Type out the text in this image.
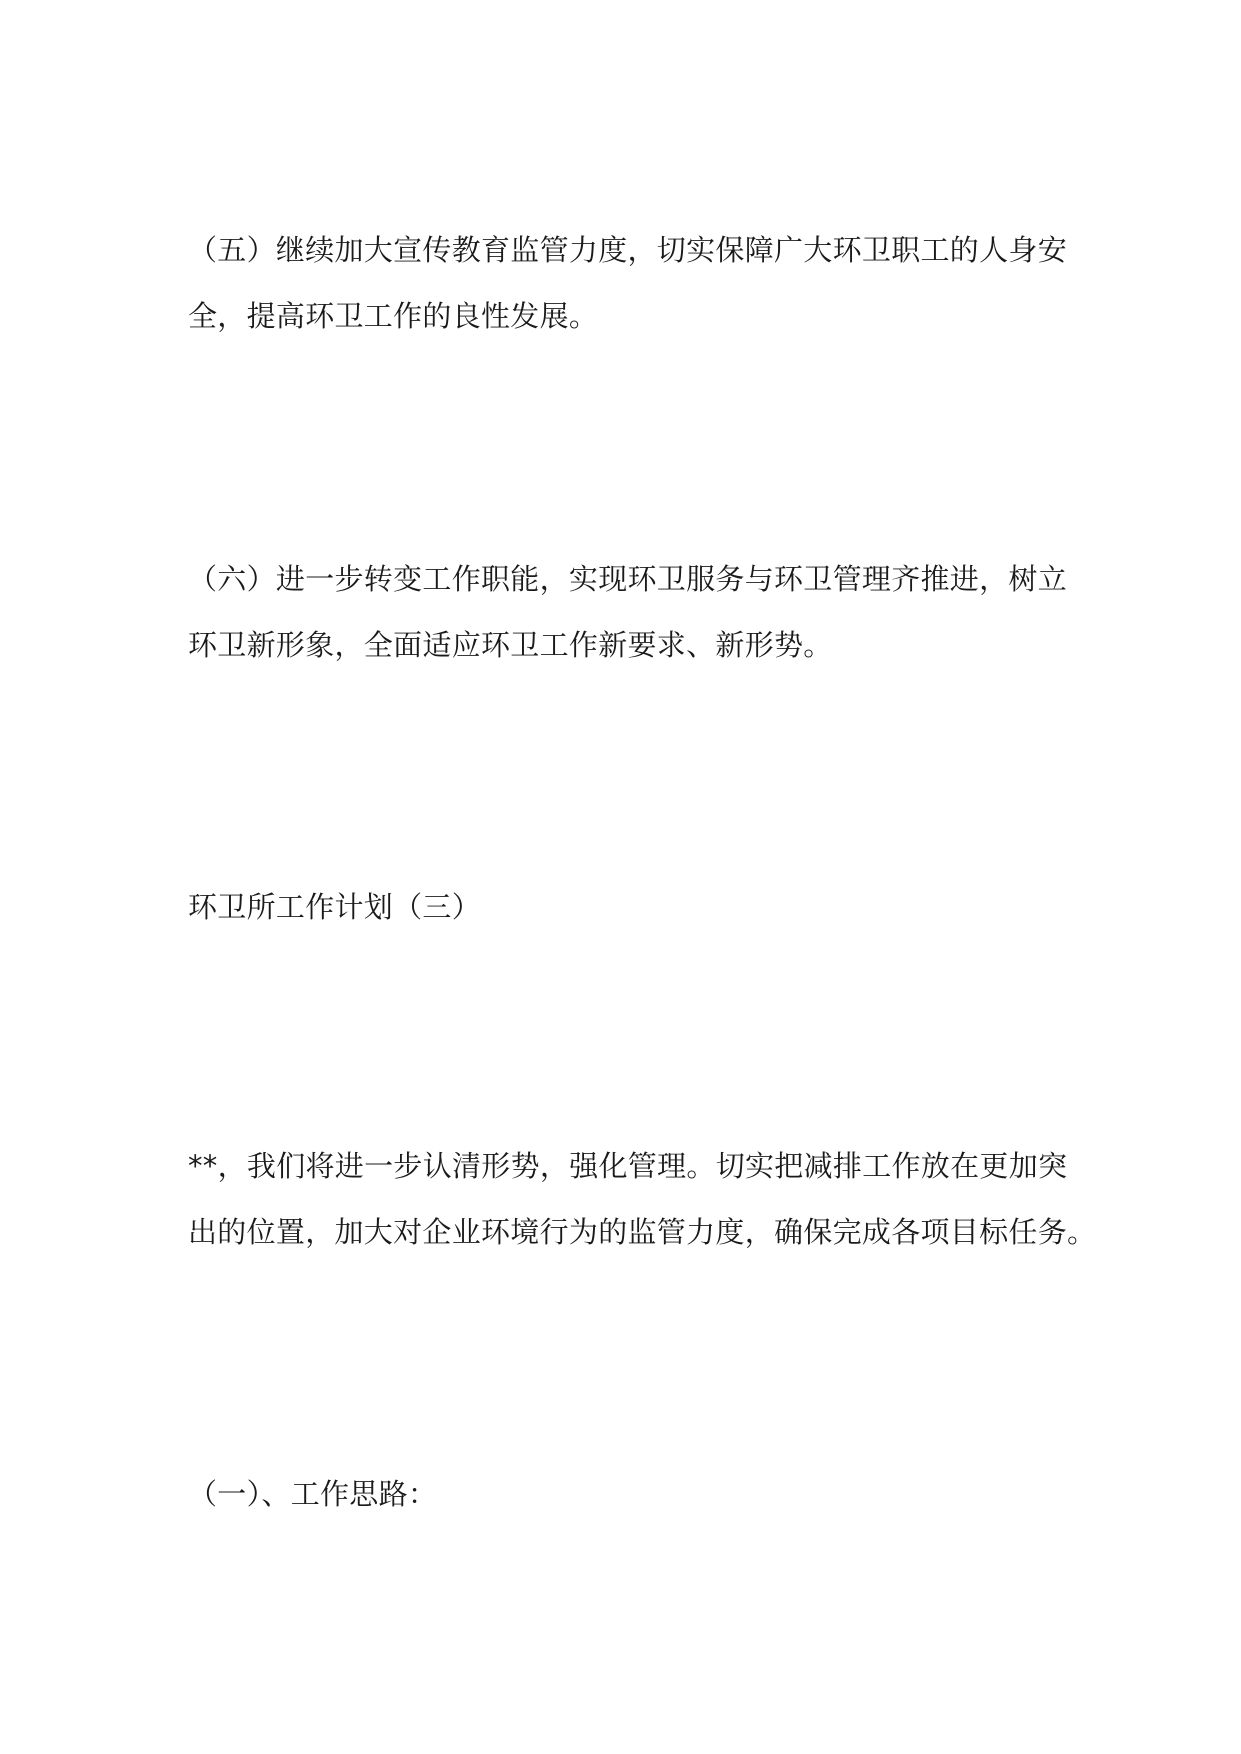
（五）继续加大宣传教育监管力度，切实保障广大环卫职工的人身安
全，提高环卫工作的良性发展。
（六）进一步转变工作职能，实现环卫服务与环卫管理齐推进，树立
环卫新形象，全面适应环卫工作新要求、新形势。
环卫所工作计划（三）
**，我们将进一步认清形势，强化管理。切实把减排工作放在更加突
出的位置，加大对企业环境行为的监管力度，确保完成各项目标任务。
（一）、工作思路：
